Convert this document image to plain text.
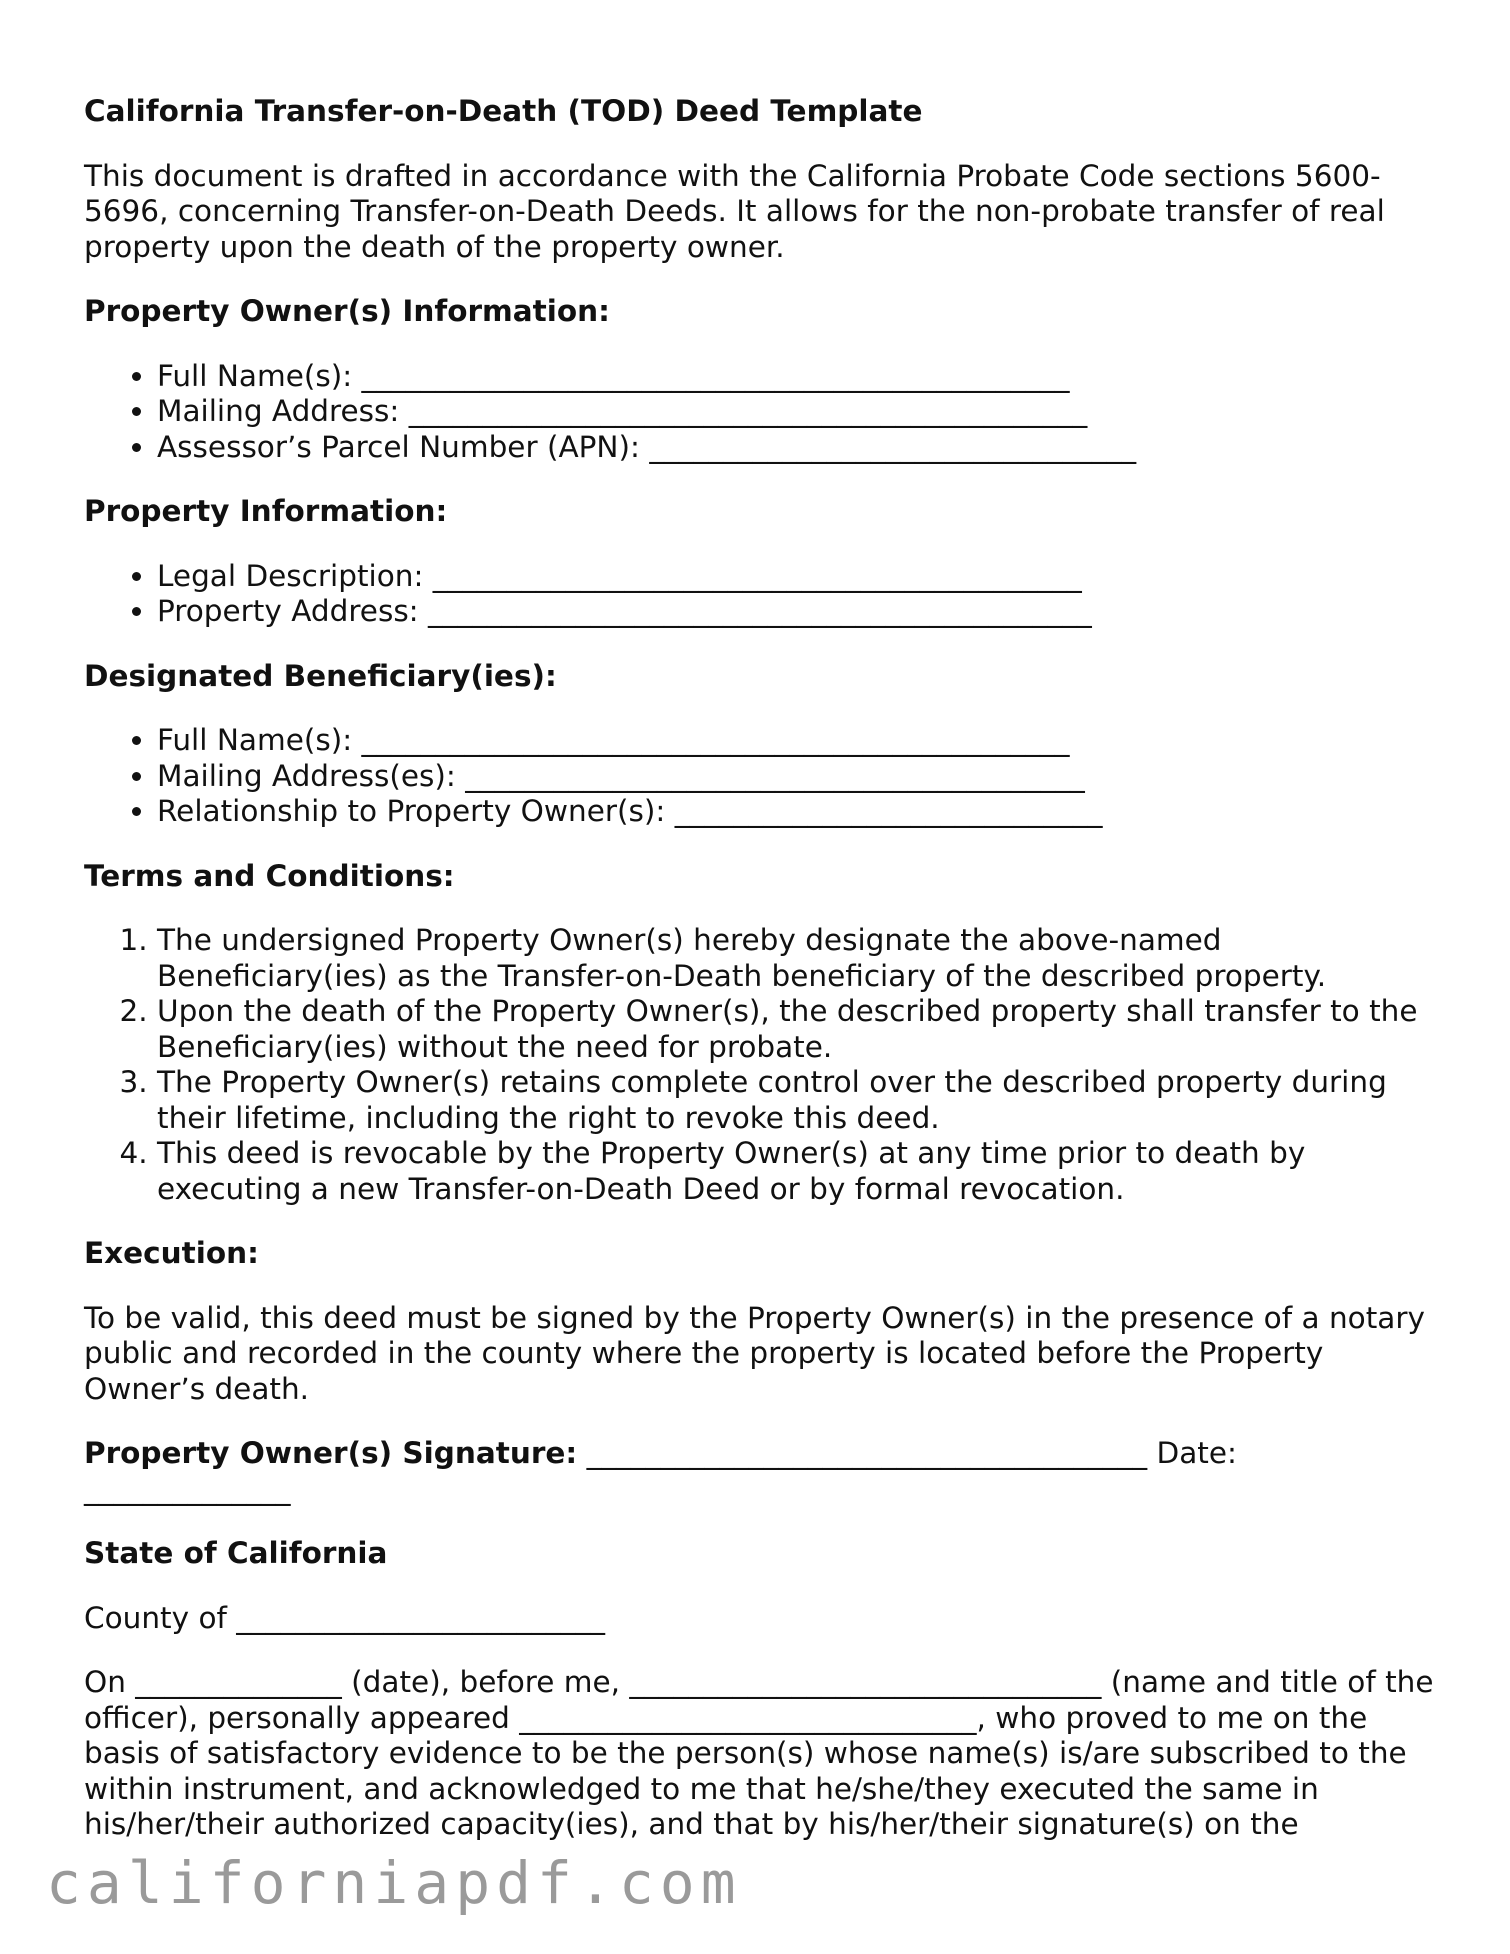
California Transfer-on-Death (TOD) Deed Template

This document is drafted in accordance with the California Probate Code sections 5600-5696, concerning Transfer-on-Death Deeds. It allows for the non-probate transfer of real property upon the death of the property owner.

Property Owner(s) Information:

• Full Name(s): ________________________________________________
• Mailing Address: ______________________________________________
• Assessor’s Parcel Number (APN): _________________________________

Property Information:

• Legal Description: ____________________________________________
• Property Address: _____________________________________________

Designated Beneficiary(ies):

• Full Name(s): ________________________________________________
• Mailing Address(es): __________________________________________
• Relationship to Property Owner(s): _____________________________

Terms and Conditions:

1. The undersigned Property Owner(s) hereby designate the above-named Beneficiary(ies) as the Transfer-on-Death beneficiary of the described property.
2. Upon the death of the Property Owner(s), the described property shall transfer to the Beneficiary(ies) without the need for probate.
3. The Property Owner(s) retains complete control over the described property during their lifetime, including the right to revoke this deed.
4. This deed is revocable by the Property Owner(s) at any time prior to death by executing a new Transfer-on-Death Deed or by formal revocation.

Execution:

To be valid, this deed must be signed by the Property Owner(s) in the presence of a notary public and recorded in the county where the property is located before the Property Owner’s death.

Property Owner(s) Signature: ______________________________________ Date: ______________

State of California

County of _________________________

On ______________ (date), before me, ________________________________ (name and title of the officer), personally appeared _______________________________, who proved to me on the basis of satisfactory evidence to be the person(s) whose name(s) is/are subscribed to the within instrument, and acknowledged to me that he/she/they executed the same in his/her/their authorized capacity(ies), and that by his/her/their signature(s) on the

californiapdf.com
